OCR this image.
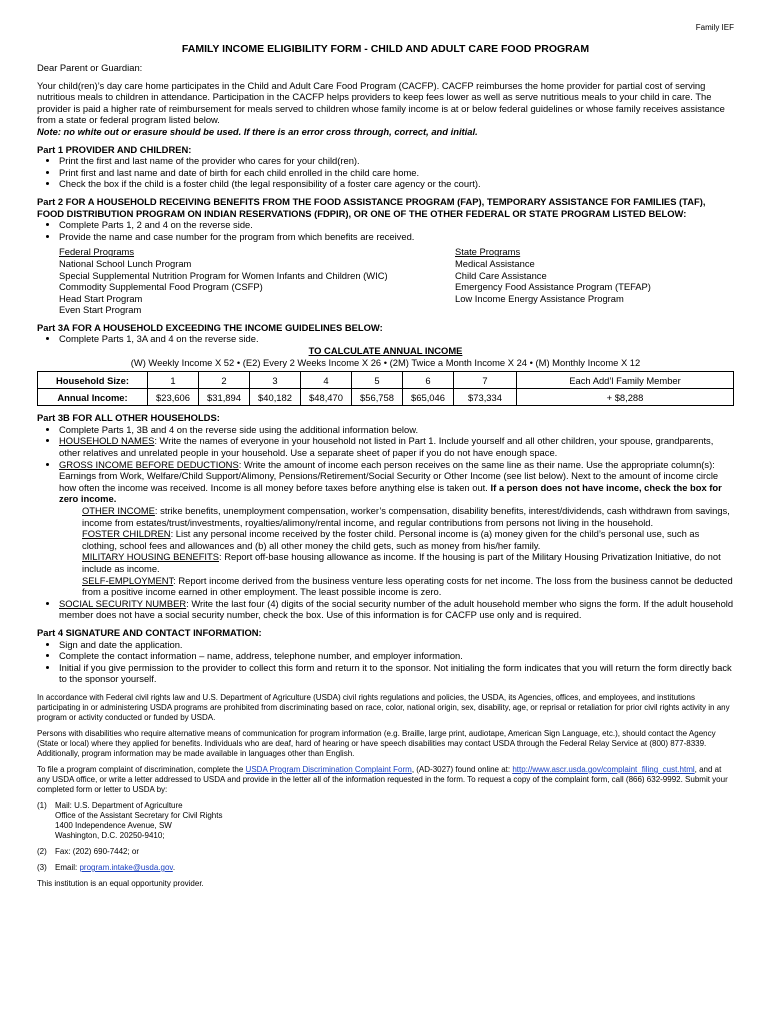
Family IEF
FAMILY INCOME ELIGIBILITY FORM - CHILD AND ADULT CARE FOOD PROGRAM

Dear Parent or Guardian:

Your child(ren)’s day care home participates in the Child and Adult Care Food Program (CACFP). CACFP reimburses the home provider for partial cost of serving nutritious meals to children in attendance. Participation in the CACFP helps providers to keep fees lower as well as serve nutritious meals to your child in care. The provider is paid a higher rate of reimbursement for meals served to children whose family income is at or below federal guidelines or whose family receives assistance from a state or federal program listed below.

Note: no white out or erasure should be used. If there is an error cross through, correct, and initial.

Part 1 PROVIDER AND CHILDREN:

• Print the first and last name of the provider who cares for your child(ren).
• Print first and last name and date of birth for each child enrolled in the child care home.
• Check the box if the child is a foster child (the legal responsibility of a foster care agency or the court).

Part 2 FOR A HOUSEHOLD RECEIVING BENEFITS FROM THE FOOD ASSISTANCE PROGRAM (FAP), TEMPORARY ASSISTANCE FOR FAMILIES (TAF), FOOD DISTRIBUTION PROGRAM ON INDIAN RESERVATIONS (FDPIR), OR ONE OF THE OTHER FEDERAL OR STATE PROGRAM LISTED BELOW:

• Complete Parts 1, 2 and 4 on the reverse side.
• Provide the name and case number for the program from which benefits are received.
Federal Programs
National School Lunch Program
Special Supplemental Nutrition Program for Women Infants and Children (WIC)
Commodity Supplemental Food Program (CSFP)
Head Start Program
Even Start Program
State Programs
Medical Assistance
Child Care Assistance
Emergency Food Assistance Program (TEFAP)
Low Income Energy Assistance Program

Part 3A FOR A HOUSEHOLD EXCEEDING THE INCOME GUIDELINES BELOW:

• Complete Parts 1, 3A and 4 on the reverse side.

TO CALCULATE ANNUAL INCOME

(W) Weekly Income X 52 • (E2) Every 2 Weeks Income X 26 • (2M) Twice a Month Income X 24 • (M) Monthly Income X 12

Household Size:	1	2	3	4	5	6	7	Each Add’l Family Member
Annual Income:	$23,606	$31,894	$40,182	$48,470	$56,758	$65,046	$73,334	+ $8,288

Part 3B FOR ALL OTHER HOUSEHOLDS:

• Complete Parts 1, 3B and 4 on the reverse side using the additional information below.
• HOUSEHOLD NAMES: Write the names of everyone in your household not listed in Part 1. Include yourself and all other children, your spouse, grandparents, other relatives and unrelated people in your household. Use a separate sheet of paper if you do not have enough space.
• GROSS INCOME BEFORE DEDUCTIONS: Write the amount of income each person receives on the same line as their name. Use the appropriate column(s): Earnings from Work, Welfare/Child Support/Alimony, Pensions/Retirement/Social Security or Other Income (see list below). Next to the amount of income circle how often the income was received. Income is all money before taxes before anything else is taken out. If a person does not have income, check the box for zero income.
OTHER INCOME: strike benefits, unemployment compensation, worker’s compensation, disability benefits, interest/dividends, cash withdrawn from savings, income from estates/trust/investments, royalties/alimony/rental income, and regular contributions from persons not living in the household.
FOSTER CHILDREN: List any personal income received by the foster child. Personal income is (a) money given for the child’s personal use, such as clothing, school fees and allowances and (b) all other money the child gets, such as money from his/her family.
MILITARY HOUSING BENEFITS: Report off-base housing allowance as income. If the housing is part of the Military Housing Privatization Initiative, do not include as income.
SELF-EMPLOYMENT: Report income derived from the business venture less operating costs for net income. The loss from the business cannot be deducted from a positive income earned in other employment. The least possible income is zero.
• SOCIAL SECURITY NUMBER: Write the last four (4) digits of the social security number of the adult household member who signs the form. If the adult household member does not have a social security number, check the box. Use of this information is for CACFP use only and is required.

Part 4 SIGNATURE AND CONTACT INFORMATION:

• Sign and date the application.
• Complete the contact information – name, address, telephone number, and employer information.
• Initial if you give permission to the provider to collect this form and return it to the sponsor. Not initialing the form indicates that you will return the form directly back to the sponsor yourself.

In accordance with Federal civil rights law and U.S. Department of Agriculture (USDA) civil rights regulations and policies, the USDA, its Agencies, offices, and employees, and institutions participating in or administering USDA programs are prohibited from discriminating based on race, color, national origin, sex, disability, age, or reprisal or retaliation for prior civil rights activity in any program or activity conducted or funded by USDA.

Persons with disabilities who require alternative means of communication for program information (e.g. Braille, large print, audiotape, American Sign Language, etc.), should contact the Agency (State or local) where they applied for benefits. Individuals who are deaf, hard of hearing or have speech disabilities may contact USDA through the Federal Relay Service at (800) 877-8339. Additionally, program information may be made available in languages other than English.

To file a program complaint of discrimination, complete the USDA Program Discrimination Complaint Form, (AD-3027) found online at: http://www.ascr.usda.gov/complaint_filing_cust.html, and at any USDA office, or write a letter addressed to USDA and provide in the letter all of the information requested in the form. To request a copy of the complaint form, call (866) 632-9992. Submit your completed form or letter to USDA by:

(1)	Mail: U.S. Department of Agriculture
Office of the Assistant Secretary for Civil Rights
1400 Independence Avenue, SW
Washington, D.C. 20250-9410;
(2)	Fax: (202) 690-7442; or
(3)	Email: program.intake@usda.gov.

This institution is an equal opportunity provider.
